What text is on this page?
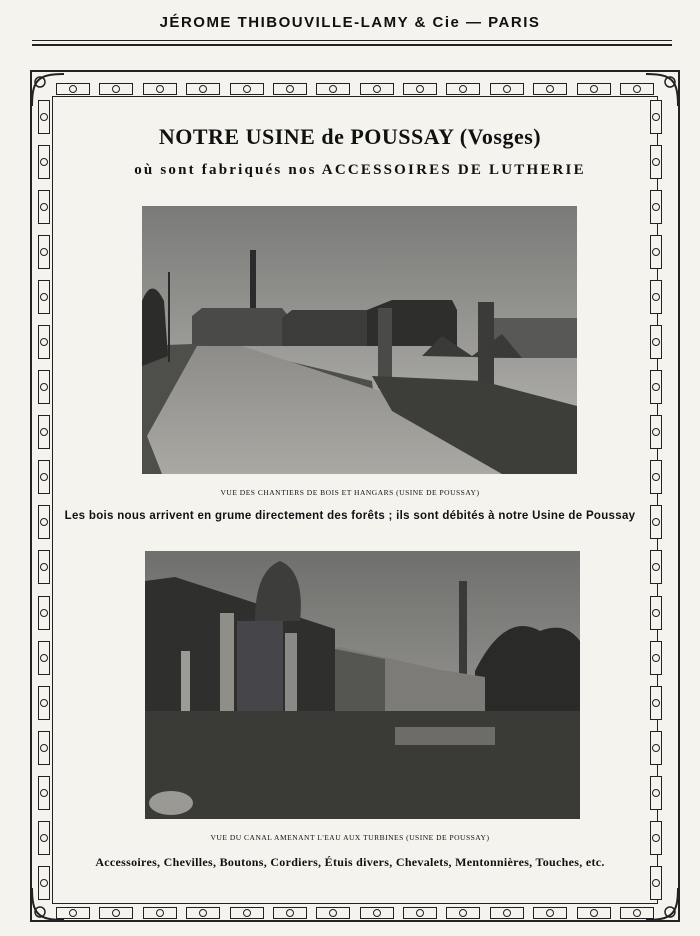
JÉROME THIBOUVILLE-LAMY & Cie — PARIS
NOTRE USINE de POUSSAY (Vosges)
où sont fabriqués nos ACCESSOIRES DE LUTHERIE
VUE DES CHANTIERS DE BOIS ET HANGARS (USINE DE POUSSAY)
Les bois nous arrivent en grume directement des forêts ; ils sont débités à notre Usine de Poussay
VUE DU CANAL AMENANT L'EAU AUX TURBINES (USINE DE POUSSAY)
Accessoires, Chevilles, Boutons, Cordiers, Étuis divers, Chevalets, Mentonnières, Touches, etc.
